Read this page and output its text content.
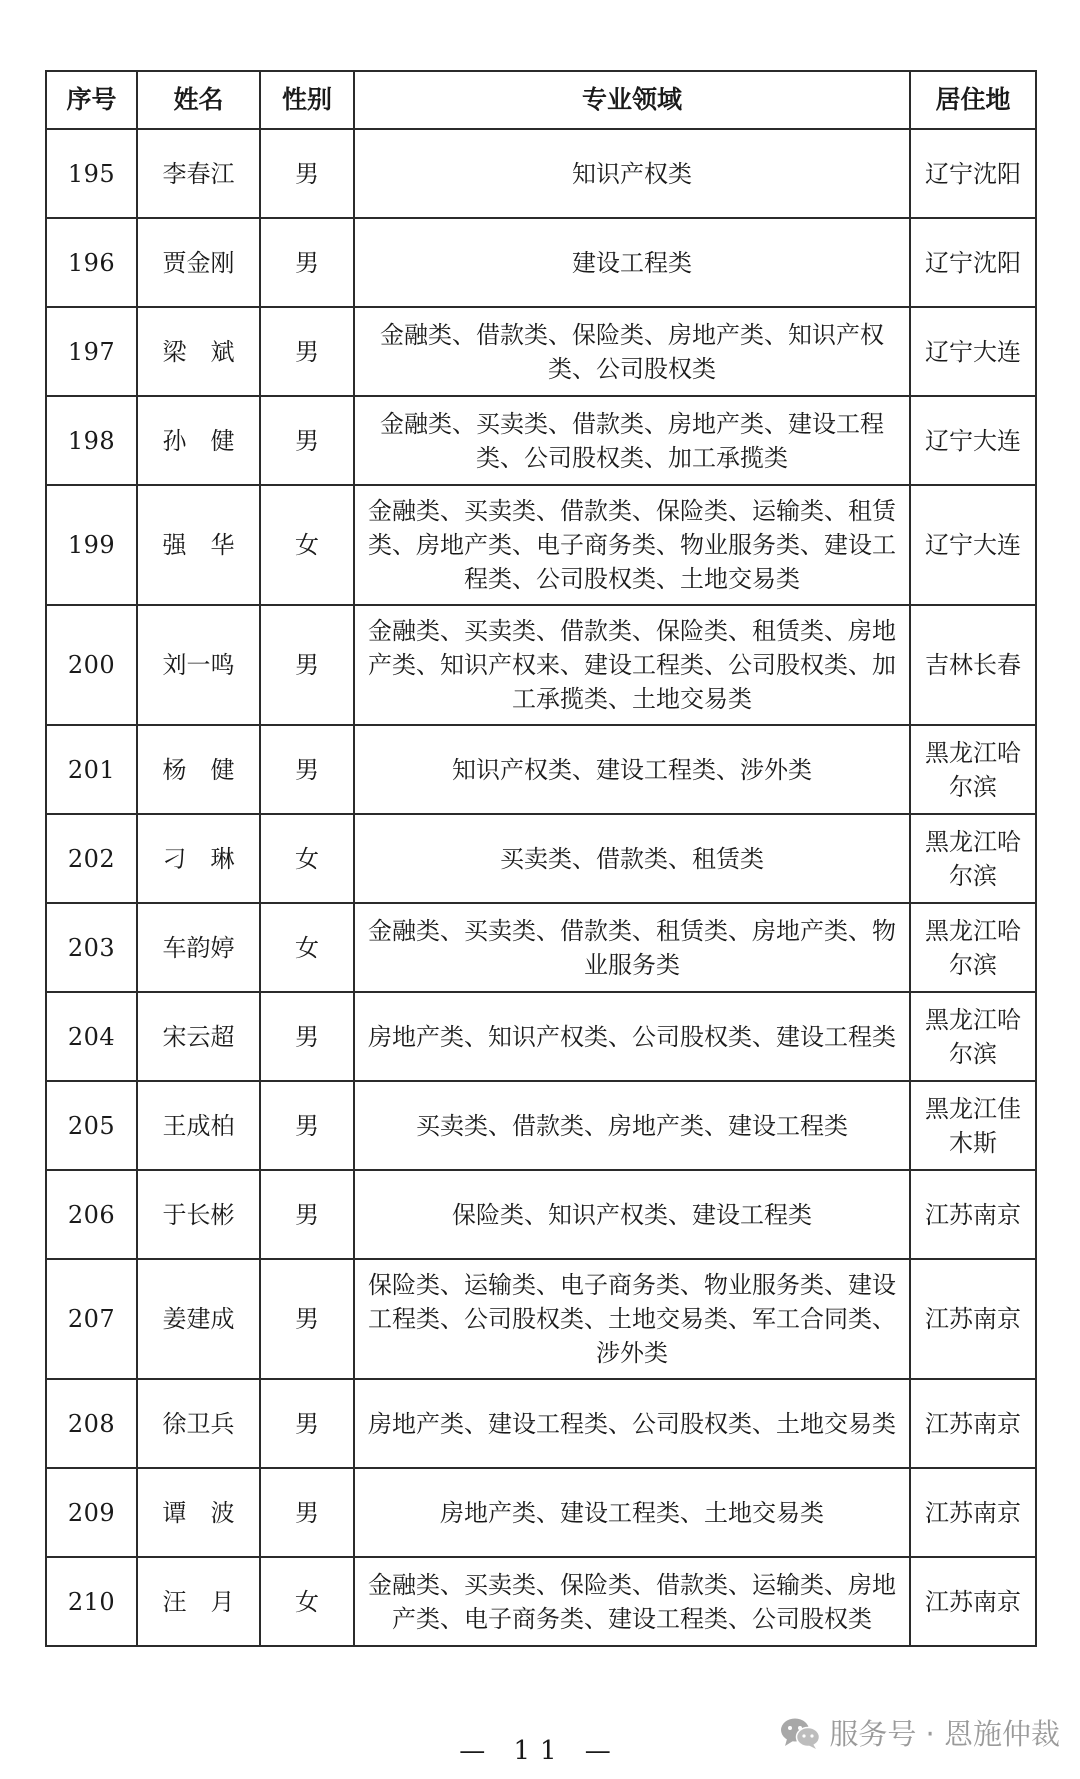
序号	姓名	性别	专业领域	居住地
195	李春江	男	知识产权类	辽宁沈阳
196	贾金刚	男	建设工程类	辽宁沈阳
197	梁　斌	男	金融类、借款类、保险类、房地产类、知识产权类、公司股权类	辽宁大连
198	孙　健	男	金融类、买卖类、借款类、房地产类、建设工程类、公司股权类、加工承揽类	辽宁大连
199	强　华	女	金融类、买卖类、借款类、保险类、运输类、租赁类、房地产类、电子商务类、物业服务类、建设工程类、公司股权类、土地交易类	辽宁大连
200	刘一鸣	男	金融类、买卖类、借款类、保险类、租赁类、房地产类、知识产权来、建设工程类、公司股权类、加工承揽类、土地交易类	吉林长春
201	杨　健	男	知识产权类、建设工程类、涉外类	黑龙江哈尔滨
202	刁　琳	女	买卖类、借款类、租赁类	黑龙江哈尔滨
203	车韵婷	女	金融类、买卖类、借款类、租赁类、房地产类、物业服务类	黑龙江哈尔滨
204	宋云超	男	房地产类、知识产权类、公司股权类、建设工程类	黑龙江哈尔滨
205	王成柏	男	买卖类、借款类、房地产类、建设工程类	黑龙江佳木斯
206	于长彬	男	保险类、知识产权类、建设工程类	江苏南京
207	姜建成	男	保险类、运输类、电子商务类、物业服务类、建设工程类、公司股权类、土地交易类、军工合同类、涉外类	江苏南京
208	徐卫兵	男	房地产类、建设工程类、公司股权类、土地交易类	江苏南京
209	谭　波	男	房地产类、建设工程类、土地交易类	江苏南京
210	汪　月	女	金融类、买卖类、保险类、借款类、运输类、房地产类、电子商务类、建设工程类、公司股权类	江苏南京
服务号 · 恩施仲裁
— 11 —
